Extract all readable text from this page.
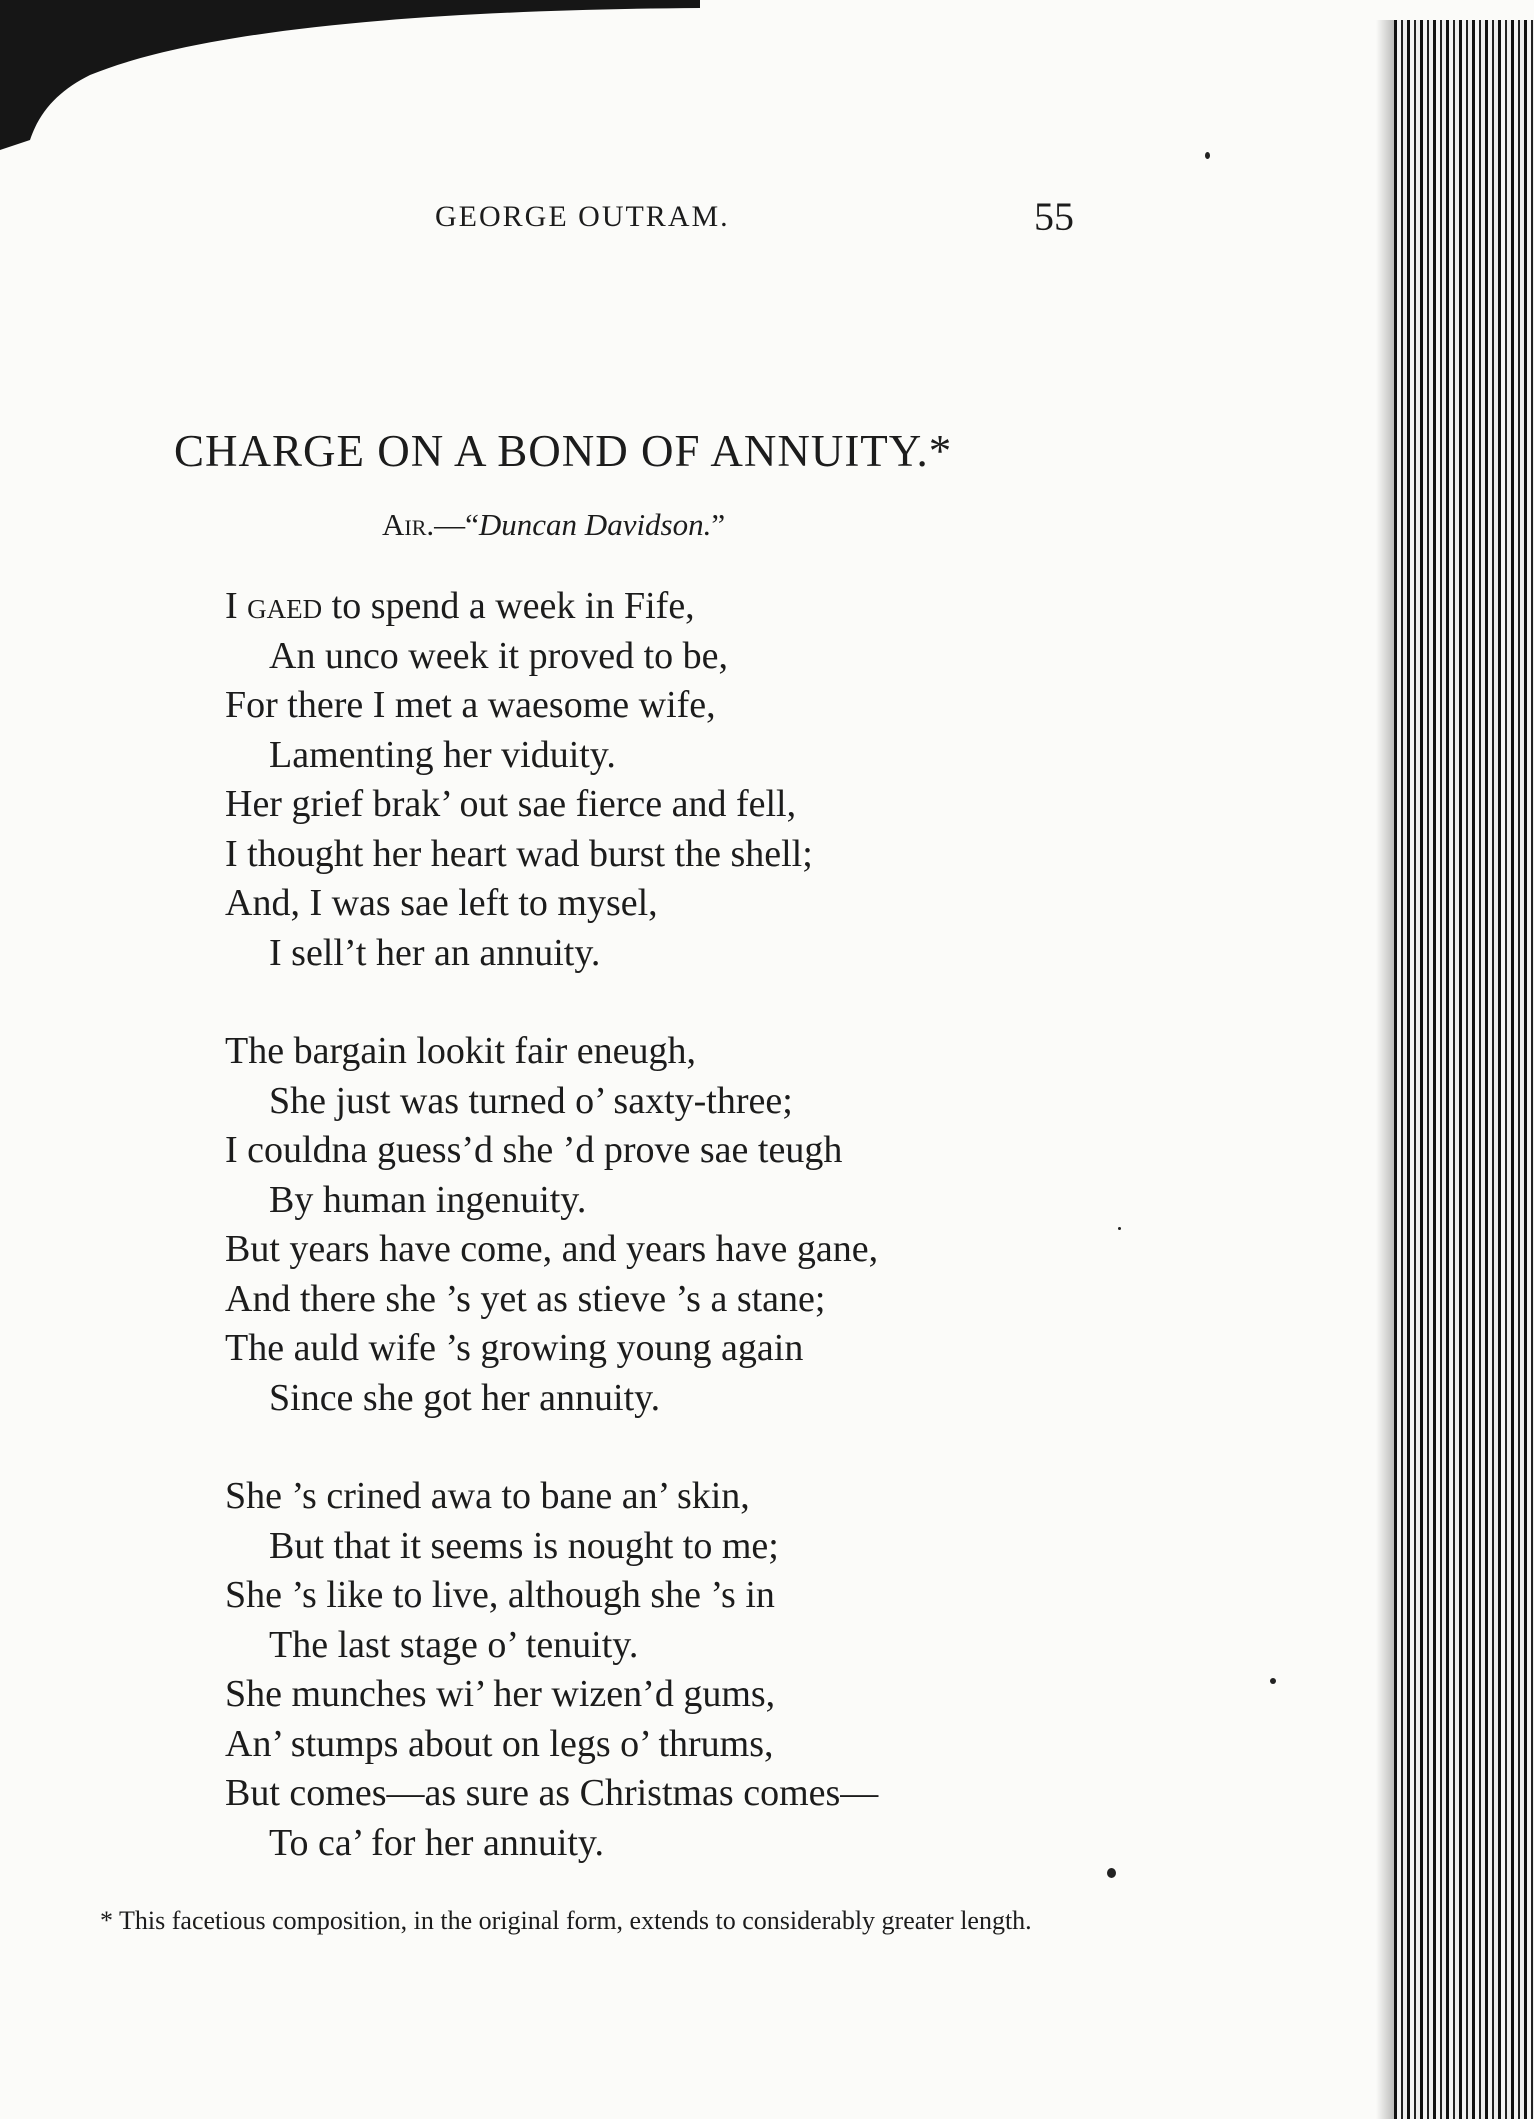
GEORGE OUTRAM.	55
CHARGE ON A BOND OF ANNUITY.*
Air.—“Duncan Davidson.”
I gaed to spend a week in Fife,
An unco week it proved to be,
For there I met a waesome wife,
Lamenting her viduity.
Her grief brak’ out sae fierce and fell,
I thought her heart wad burst the shell;
And, I was sae left to mysel,
I sell’t her an annuity.
The bargain lookit fair eneugh,
She just was turned o’ saxty-three;
I couldna guess’d she ’d prove sae teugh
By human ingenuity.
But years have come, and years have gane,
And there she ’s yet as stieve ’s a stane;
The auld wife ’s growing young again
Since she got her annuity.
She ’s crined awa to bane an’ skin,
But that it seems is nought to me;
She ’s like to live, although she ’s in
The last stage o’ tenuity.
She munches wi’ her wizen’d gums,
An’ stumps about on legs o’ thrums,
But comes—as sure as Christmas comes—
To ca’ for her annuity.
* This facetious composition, in the original form, extends to considerably greater length.
